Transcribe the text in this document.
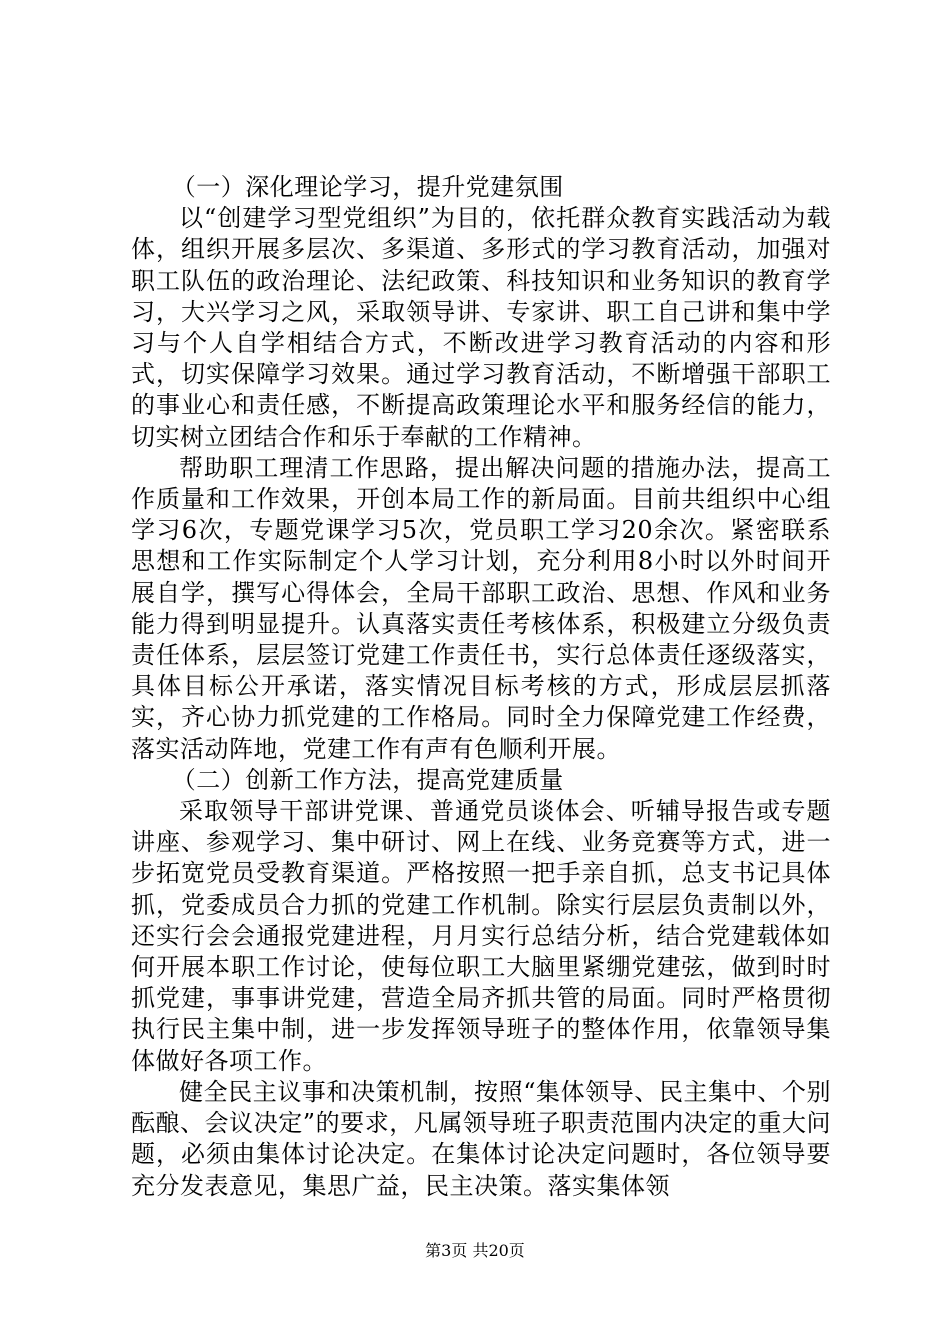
（一）深化理论学习，提升党建氛围

以“创建学习型党组织”为目的，依托群众教育实践活动为载体，组织开展多层次、多渠道、多形式的学习教育活动，加强对职工队伍的政治理论、法纪政策、科技知识和业务知识的教育学习，大兴学习之风，采取领导讲、专家讲、职工自己讲和集中学习与个人自学相结合方式，不断改进学习教育活动的内容和形式，切实保障学习效果。通过学习教育活动，不断增强干部职工的事业心和责任感，不断提高政策理论水平和服务经信的能力，切实树立团结合作和乐于奉献的工作精神。

帮助职工理清工作思路，提出解决问题的措施办法，提高工作质量和工作效果，开创本局工作的新局面。目前共组织中心组学习6次，专题党课学习5次，党员职工学习20余次。紧密联系思想和工作实际制定个人学习计划，充分利用8小时以外时间开展自学，撰写心得体会，全局干部职工政治、思想、作风和业务能力得到明显提升。认真落实责任考核体系，积极建立分级负责责任体系，层层签订党建工作责任书，实行总体责任逐级落实，具体目标公开承诺，落实情况目标考核的方式，形成层层抓落实，齐心协力抓党建的工作格局。同时全力保障党建工作经费，落实活动阵地，党建工作有声有色顺利开展。

（二）创新工作方法，提高党建质量

采取领导干部讲党课、普通党员谈体会、听辅导报告或专题讲座、参观学习、集中研讨、网上在线、业务竞赛等方式，进一步拓宽党员受教育渠道。严格按照一把手亲自抓，总支书记具体抓，党委成员合力抓的党建工作机制。除实行层层负责制以外，还实行会会通报党建进程，月月实行总结分析，结合党建载体如何开展本职工作讨论，使每位职工大脑里紧绷党建弦，做到时时抓党建，事事讲党建，营造全局齐抓共管的局面。同时严格贯彻执行民主集中制，进一步发挥领导班子的整体作用，依靠领导集体做好各项工作。

健全民主议事和决策机制，按照“集体领导、民主集中、个别酝酿、会议决定”的要求，凡属领导班子职责范围内决定的重大问题，必须由集体讨论决定。在集体讨论决定问题时，各位领导要充分发表意见，集思广益，民主决策。落实集体领

第3页 共20页
